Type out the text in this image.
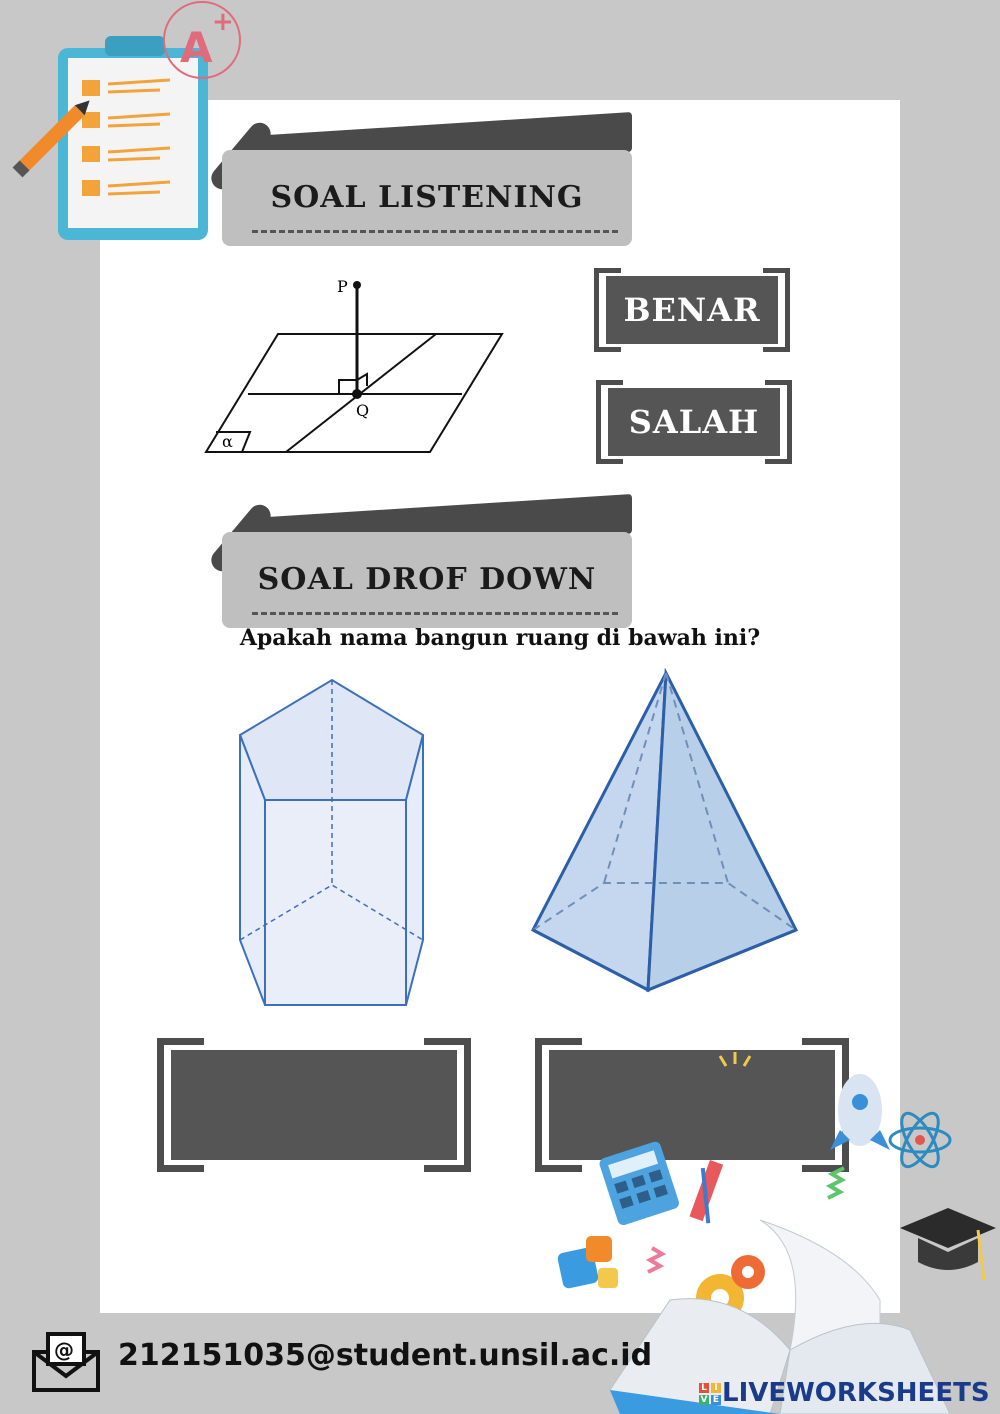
A
+
SOAL LISTENING
P
Q
α
BENAR
SALAH
SOAL DROF DOWN
Apakah nama bangun ruang di bawah ini?
@ 212151035@student.unsil.ac.id
L I
V E LIVEWORKSHEETS
